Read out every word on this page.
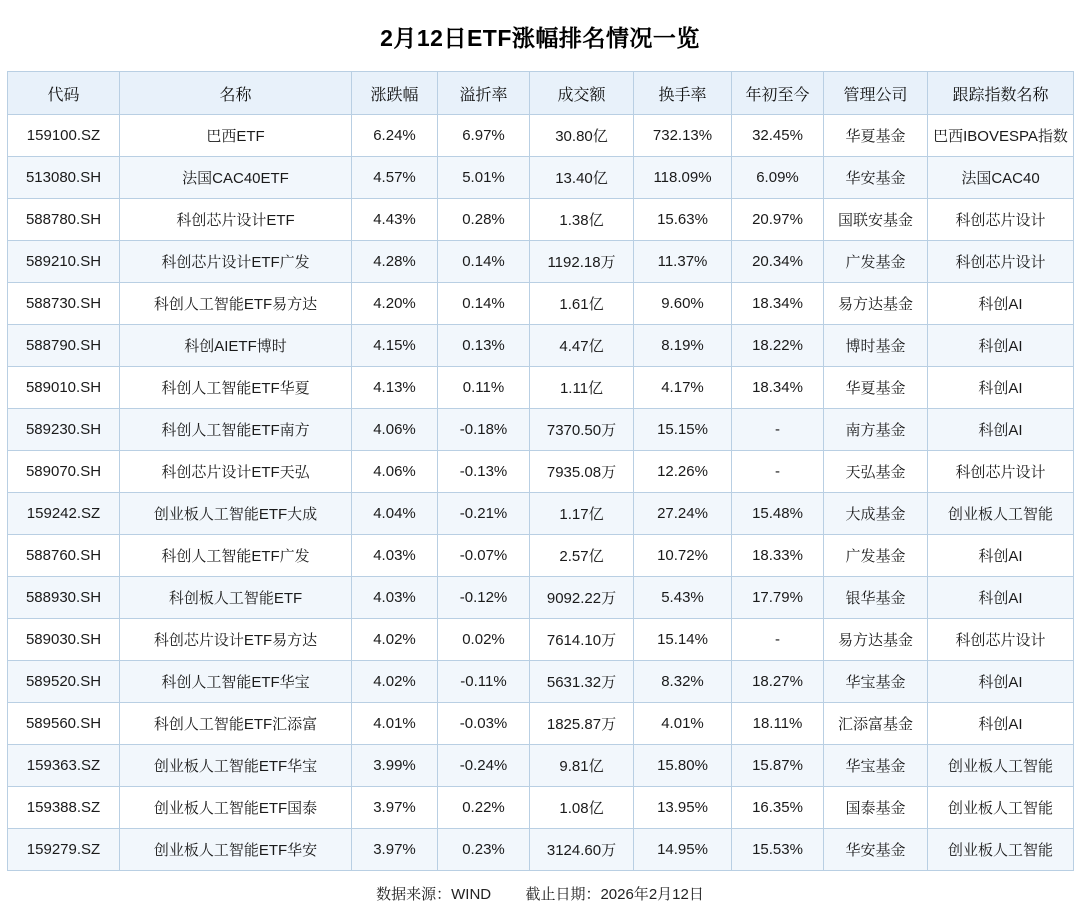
2月12日ETF涨幅排名情况一览
代码	名称	涨跌幅	溢折率	成交额	换手率	年初至今	管理公司	跟踪指数名称
159100.SZ	巴西ETF	6.24%	6.97%	30.80亿	732.13%	32.45%	华夏基金	巴西IBOVESPA指数
513080.SH	法国CAC40ETF	4.57%	5.01%	13.40亿	118.09%	6.09%	华安基金	法国CAC40
588780.SH	科创芯片设计ETF	4.43%	0.28%	1.38亿	15.63%	20.97%	国联安基金	科创芯片设计
589210.SH	科创芯片设计ETF广发	4.28%	0.14%	1192.18万	11.37%	20.34%	广发基金	科创芯片设计
588730.SH	科创人工智能ETF易方达	4.20%	0.14%	1.61亿	9.60%	18.34%	易方达基金	科创AI
588790.SH	科创AIETF博时	4.15%	0.13%	4.47亿	8.19%	18.22%	博时基金	科创AI
589010.SH	科创人工智能ETF华夏	4.13%	0.11%	1.11亿	4.17%	18.34%	华夏基金	科创AI
589230.SH	科创人工智能ETF南方	4.06%	-0.18%	7370.50万	15.15%	-	南方基金	科创AI
589070.SH	科创芯片设计ETF天弘	4.06%	-0.13%	7935.08万	12.26%	-	天弘基金	科创芯片设计
159242.SZ	创业板人工智能ETF大成	4.04%	-0.21%	1.17亿	27.24%	15.48%	大成基金	创业板人工智能
588760.SH	科创人工智能ETF广发	4.03%	-0.07%	2.57亿	10.72%	18.33%	广发基金	科创AI
588930.SH	科创板人工智能ETF	4.03%	-0.12%	9092.22万	5.43%	17.79%	银华基金	科创AI
589030.SH	科创芯片设计ETF易方达	4.02%	0.02%	7614.10万	15.14%	-	易方达基金	科创芯片设计
589520.SH	科创人工智能ETF华宝	4.02%	-0.11%	5631.32万	8.32%	18.27%	华宝基金	科创AI
589560.SH	科创人工智能ETF汇添富	4.01%	-0.03%	1825.87万	4.01%	18.11%	汇添富基金	科创AI
159363.SZ	创业板人工智能ETF华宝	3.99%	-0.24%	9.81亿	15.80%	15.87%	华宝基金	创业板人工智能
159388.SZ	创业板人工智能ETF国泰	3.97%	0.22%	1.08亿	13.95%	16.35%	国泰基金	创业板人工智能
159279.SZ	创业板人工智能ETF华安	3.97%	0.23%	3124.60万	14.95%	15.53%	华安基金	创业板人工智能
数据来源：WIND 截止日期：2026年2月12日
